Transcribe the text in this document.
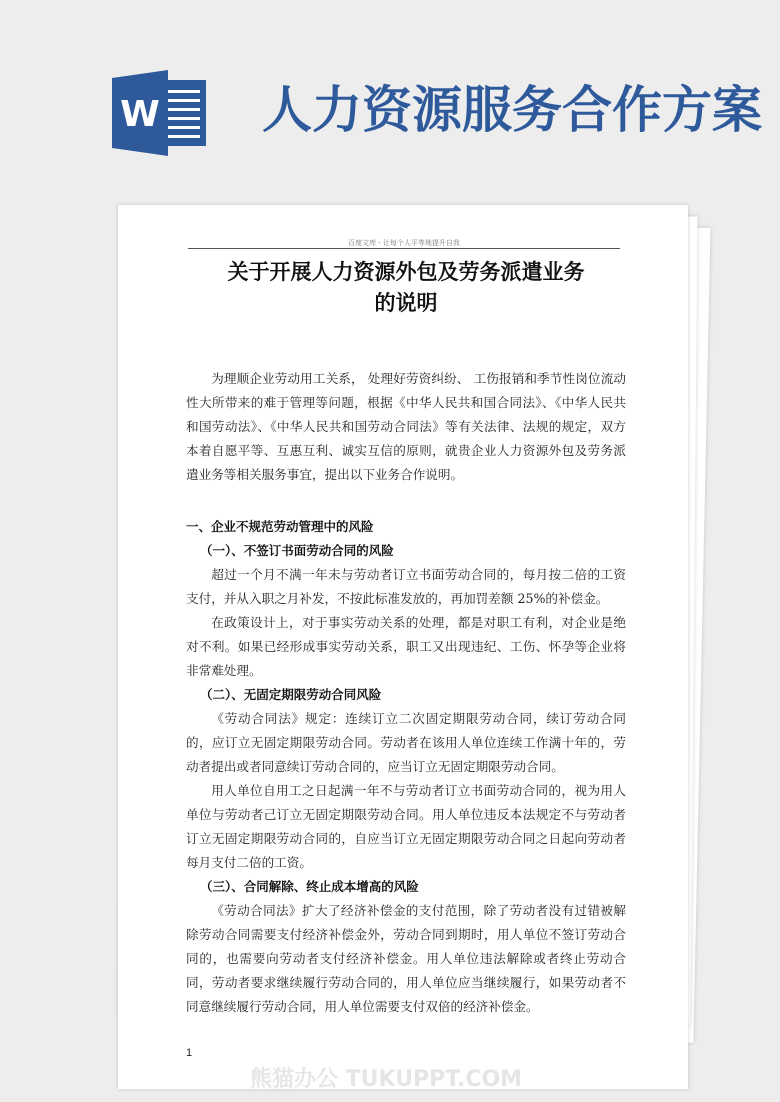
W 人力资源服务合作方案
百度文库 - 让每个人平等地提升自我
关于开展人力资源外包及劳务派遣业务
的说明
为理顺企业劳动用工关系， 处理好劳资纠纷、 工伤报销和季节性岗位流动性大所带来的难于管理等问题，根据《中华人民共和国合同法》、《中华人民共和国劳动法》、《中华人民共和国劳动合同法》等有关法律、法规的规定，双方本着自愿平等、互惠互利、诚实互信的原则，就贵企业人力资源外包及劳务派遣业务等相关服务事宜，提出以下业务合作说明。
一、企业不规范劳动管理中的风险
（一）、不签订书面劳动合同的风险
超过一个月不满一年未与劳动者订立书面劳动合同的，每月按二倍的工资支付，并从入职之月补发，不按此标准发放的，再加罚差额 25%的补偿金。
在政策设计上，对于事实劳动关系的处理，都是对职工有利，对企业是绝对不利。如果已经形成事实劳动关系，职工又出现违纪、工伤、怀孕等企业将非常难处理。
（二）、无固定期限劳动合同风险
《劳动合同法》规定：连续订立二次固定期限劳动合同，续订劳动合同的，应订立无固定期限劳动合同。劳动者在该用人单位连续工作满十年的，劳动者提出或者同意续订劳动合同的，应当订立无固定期限劳动合同。
用人单位自用工之日起满一年不与劳动者订立书面劳动合同的，视为用人单位与劳动者己订立无固定期限劳动合同。用人单位违反本法规定不与劳动者订立无固定期限劳动合同的，自应当订立无固定期限劳动合同之日起向劳动者每月支付二倍的工资。
（三）、合同解除、终止成本增高的风险
《劳动合同法》扩大了经济补偿金的支付范围，除了劳动者没有过错被解除劳动合同需要支付经济补偿金外，劳动合同到期时，用人单位不签订劳动合同的，也需要向劳动者支付经济补偿金。用人单位违法解除或者终止劳动合同，劳动者要求继续履行劳动合同的，用人单位应当继续履行，如果劳动者不同意继续履行劳动合同，用人单位需要支付双倍的经济补偿金。
1
熊猫办公 TUKUPPT.COM
